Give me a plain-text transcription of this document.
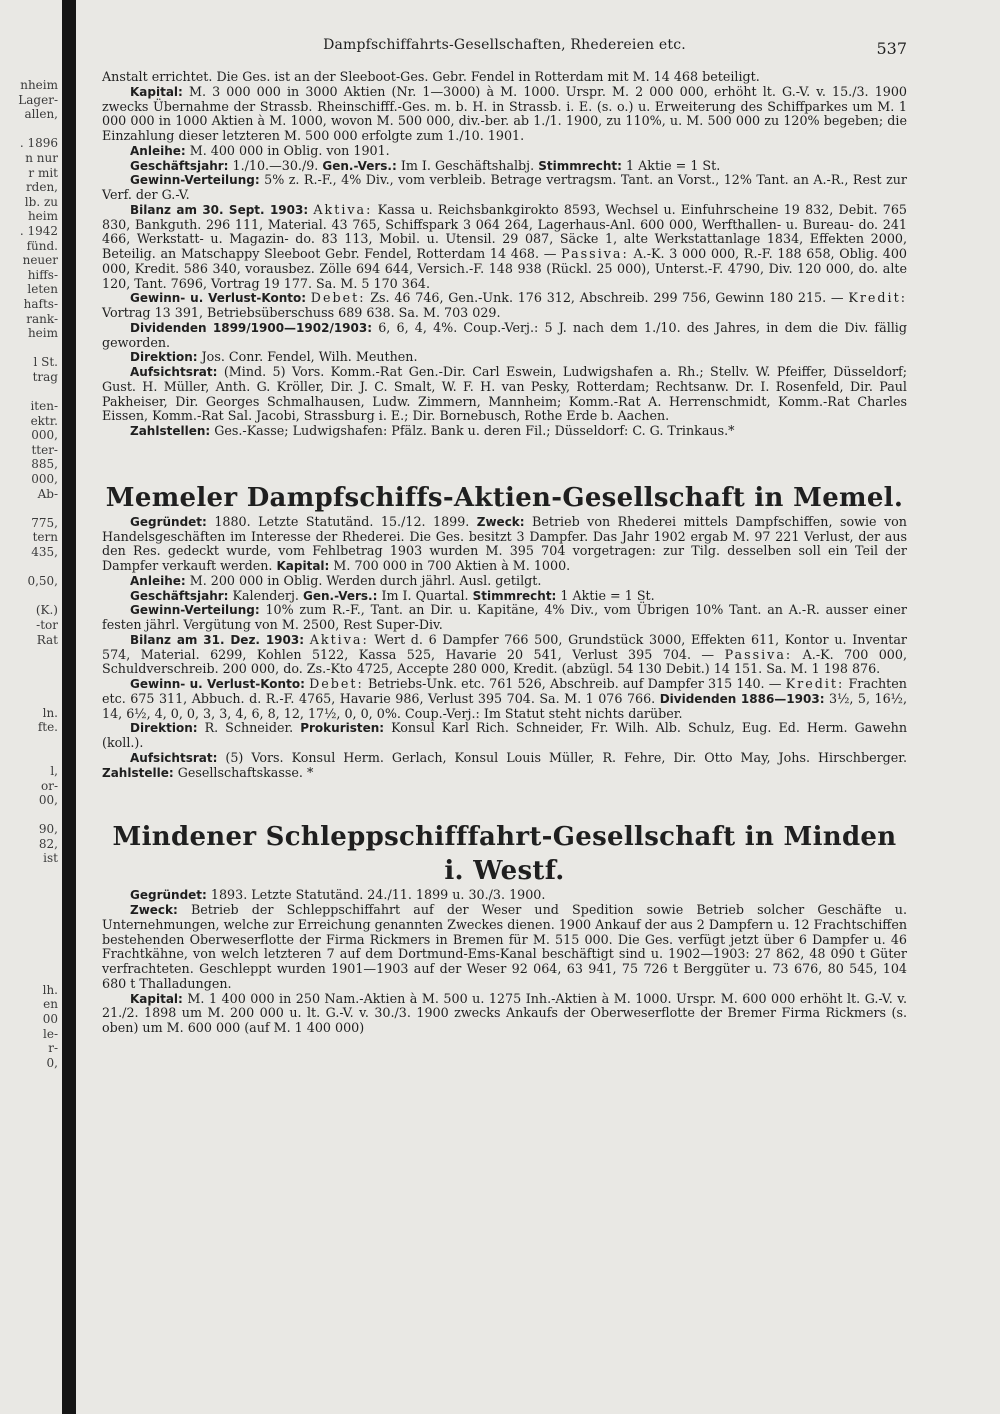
nheim
Lager-
allen,

. 1896
n nur
r mit
rden,
lb. zu
heim
. 1942
fünd.
neuer
hiffs-
leten
hafts-
rank-
heim

l St.
trag

iten-
ektr.
000,
tter-
885,
000,
Ab-

775,
tern
435,

0,50,

(K.)
-tor
Rat

ln.
fte.

l,
or-
00,

90,
82,
ist

lh.
en
00
le-
r-
0,
Dampfschiffahrts-Gesellschaften, Rhedereien etc.	537

Anstalt errichtet. Die Ges. ist an der Sleeboot-Ges. Gebr. Fendel in Rotterdam mit M. 14 468 beteiligt.

Kapital: M. 3 000 000 in 3000 Aktien (Nr. 1—3000) à M. 1000. Urspr. M. 2 000 000, erhöht lt. G.-V. v. 15./3. 1900 zwecks Übernahme der Strassb. Rheinschifff.-Ges. m. b. H. in Strassb. i. E. (s. o.) u. Erweiterung des Schiffparkes um M. 1 000 000 in 1000 Aktien à M. 1000, wovon M. 500 000, div.-ber. ab 1./1. 1900, zu 110%, u. M. 500 000 zu 120% begeben; die Einzahlung dieser letzteren M. 500 000 erfolgte zum 1./10. 1901.

Anleihe: M. 400 000 in Oblig. von 1901.

Geschäftsjahr: 1./10.—30./9. Gen.-Vers.: Im I. Geschäftshalbj. Stimmrecht: 1 Aktie = 1 St.

Gewinn-Verteilung: 5% z. R.-F., 4% Div., vom verbleib. Betrage vertragsm. Tant. an Vorst., 12% Tant. an A.-R., Rest zur Verf. der G.-V.

Bilanz am 30. Sept. 1903: Aktiva: Kassa u. Reichsbankgirokto 8593, Wechsel u. Einfuhrscheine 19 832, Debit. 765 830, Bankguth. 296 111, Material. 43 765, Schiffspark 3 064 264, Lagerhaus-Anl. 600 000, Werfthallen- u. Bureau- do. 241 466, Werkstatt- u. Magazin- do. 83 113, Mobil. u. Utensil. 29 087, Säcke 1, alte Werkstattanlage 1834, Effekten 2000, Beteilig. an Matschappy Sleeboot Gebr. Fendel, Rotterdam 14 468. — Passiva: A.-K. 3 000 000, R.-F. 188 658, Oblig. 400 000, Kredit. 586 340, vorausbez. Zölle 694 644, Versich.-F. 148 938 (Rückl. 25 000), Unterst.-F. 4790, Div. 120 000, do. alte 120, Tant. 7696, Vortrag 19 177. Sa. M. 5 170 364.

Gewinn- u. Verlust-Konto: Debet: Zs. 46 746, Gen.-Unk. 176 312, Abschreib. 299 756, Gewinn 180 215. — Kredit: Vortrag 13 391, Betriebsüberschuss 689 638. Sa. M. 703 029.

Dividenden 1899/1900—1902/1903: 6, 6, 4, 4%. Coup.-Verj.: 5 J. nach dem 1./10. des Jahres, in dem die Div. fällig geworden.

Direktion: Jos. Conr. Fendel, Wilh. Meuthen.

Aufsichtsrat: (Mind. 5) Vors. Komm.-Rat Gen.-Dir. Carl Eswein, Ludwigshafen a. Rh.; Stellv. W. Pfeiffer, Düsseldorf; Gust. H. Müller, Anth. G. Kröller, Dir. J. C. Smalt, W. F. H. van Pesky, Rotterdam; Rechtsanw. Dr. I. Rosenfeld, Dir. Paul Pakheiser, Dir. Georges Schmalhausen, Ludw. Zimmern, Mannheim; Komm.-Rat A. Herrenschmidt, Komm.-Rat Charles Eissen, Komm.-Rat Sal. Jacobi, Strassburg i. E.; Dir. Bornebusch, Rothe Erde b. Aachen.

Zahlstellen: Ges.-Kasse; Ludwigshafen: Pfälz. Bank u. deren Fil.; Düsseldorf: C. G. Trinkaus.*

Memeler Dampfschiffs-Aktien-Gesellschaft in Memel.

Gegründet: 1880. Letzte Statutänd. 15./12. 1899. Zweck: Betrieb von Rhederei mittels Dampfschiffen, sowie von Handelsgeschäften im Interesse der Rhederei. Die Ges. besitzt 3 Dampfer. Das Jahr 1902 ergab M. 97 221 Verlust, der aus den Res. gedeckt wurde, vom Fehlbetrag 1903 wurden M. 395 704 vorgetragen: zur Tilg. desselben soll ein Teil der Dampfer verkauft werden. Kapital: M. 700 000 in 700 Aktien à M. 1000.

Anleihe: M. 200 000 in Oblig. Werden durch jährl. Ausl. getilgt.

Geschäftsjahr: Kalenderj. Gen.-Vers.: Im I. Quartal. Stimmrecht: 1 Aktie = 1 St.

Gewinn-Verteilung: 10% zum R.-F., Tant. an Dir. u. Kapitäne, 4% Div., vom Übrigen 10% Tant. an A.-R. ausser einer festen jährl. Vergütung von M. 2500, Rest Super-Div.

Bilanz am 31. Dez. 1903: Aktiva: Wert d. 6 Dampfer 766 500, Grundstück 3000, Effekten 611, Kontor u. Inventar 574, Material. 6299, Kohlen 5122, Kassa 525, Havarie 20 541, Verlust 395 704. — Passiva: A.-K. 700 000, Schuldverschreib. 200 000, do. Zs.-Kto 4725, Accepte 280 000, Kredit. (abzügl. 54 130 Debit.) 14 151. Sa. M. 1 198 876.

Gewinn- u. Verlust-Konto: Debet: Betriebs-Unk. etc. 761 526, Abschreib. auf Dampfer 315 140. — Kredit: Frachten etc. 675 311, Abbuch. d. R.-F. 4765, Havarie 986, Verlust 395 704. Sa. M. 1 076 766. Dividenden 1886—1903: 3½, 5, 16½, 14, 6½, 4, 0, 0, 3, 3, 4, 6, 8, 12, 17½, 0, 0, 0%. Coup.-Verj.: Im Statut steht nichts darüber.

Direktion: R. Schneider. Prokuristen: Konsul Karl Rich. Schneider, Fr. Wilh. Alb. Schulz, Eug. Ed. Herm. Gawehn (koll.).

Aufsichtsrat: (5) Vors. Konsul Herm. Gerlach, Konsul Louis Müller, R. Fehre, Dir. Otto May, Johs. Hirschberger. Zahlstelle: Gesellschaftskasse. *

Mindener Schleppschifffahrt-Gesellschaft in Minden i. Westf.

Gegründet: 1893. Letzte Statutänd. 24./11. 1899 u. 30./3. 1900.

Zweck: Betrieb der Schleppschiffahrt auf der Weser und Spedition sowie Betrieb solcher Geschäfte u. Unternehmungen, welche zur Erreichung genannten Zweckes dienen. 1900 Ankauf der aus 2 Dampfern u. 12 Frachtschiffen bestehenden Oberweserflotte der Firma Rickmers in Bremen für M. 515 000. Die Ges. verfügt jetzt über 6 Dampfer u. 46 Frachtkähne, von welch letzteren 7 auf dem Dortmund-Ems-Kanal beschäftigt sind u. 1902—1903: 27 862, 48 090 t Güter verfrachteten. Geschleppt wurden 1901—1903 auf der Weser 92 064, 63 941, 75 726 t Berggüter u. 73 676, 80 545, 104 680 t Thalladungen.

Kapital: M. 1 400 000 in 250 Nam.-Aktien à M. 500 u. 1275 Inh.-Aktien à M. 1000. Urspr. M. 600 000 erhöht lt. G.-V. v. 21./2. 1898 um M. 200 000 u. lt. G.-V. v. 30./3. 1900 zwecks Ankaufs der Oberweserflotte der Bremer Firma Rickmers (s. oben) um M. 600 000 (auf M. 1 400 000)
